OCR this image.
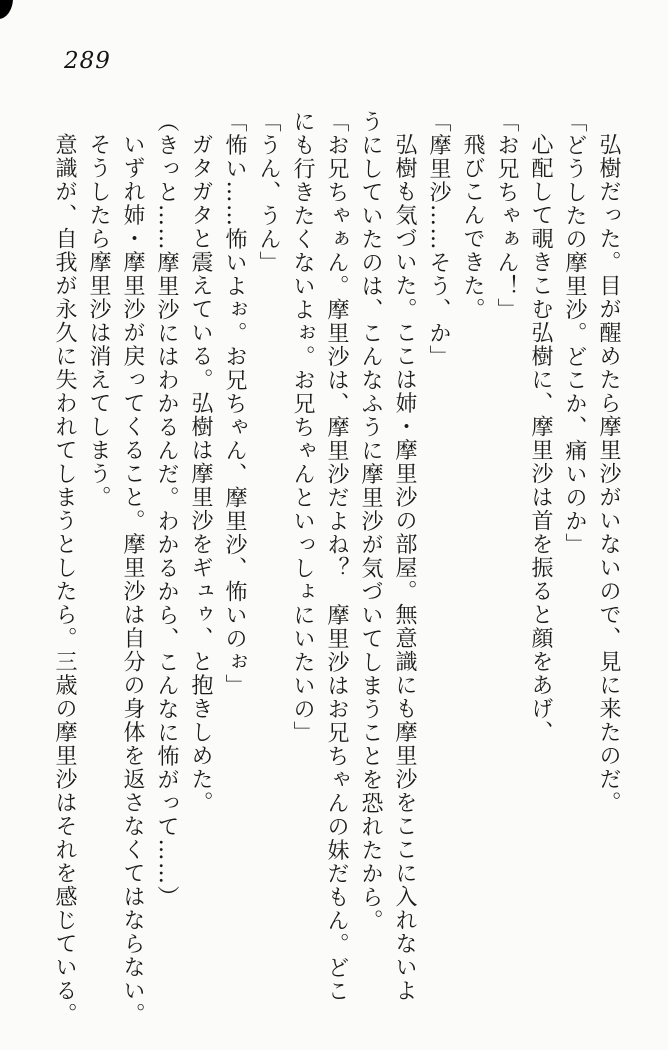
289
弘樹だった。目が醒めたら摩里沙がいないので、見に来たのだ。
「どうしたの摩里沙。どこか、痛いのか」
心配して覗きこむ弘樹に、摩里沙は首を振ると顔をあげ、
「お兄ちゃぁん！」
飛びこんできた。
「摩里沙……そう、か」
弘樹も気づいた。ここは姉・摩里沙の部屋。無意識にも摩里沙をここに入れないよ
うにしていたのは、こんなふうに摩里沙が気づいてしまうことを恐れたから。
「お兄ちゃぁん。摩里沙は、摩里沙だよね？　摩里沙はお兄ちゃんの妹だもん。どこ
にも行きたくないよぉ。お兄ちゃんといっしょにいたいの」
「うん、うん」
「怖い……怖いよぉ。お兄ちゃん、摩里沙、怖いのぉ」
ガタガタと震えている。弘樹は摩里沙をギュゥ、と抱きしめた。
（きっと……摩里沙にはわかるんだ。わかるから、こんなに怖がって……）
いずれ姉・摩里沙が戻ってくること。摩里沙は自分の身体を返さなくてはならない。
そうしたら摩里沙は消えてしまう。
意識が、自我が永久に失われてしまうとしたら。三歳の摩里沙はそれを感じている。
